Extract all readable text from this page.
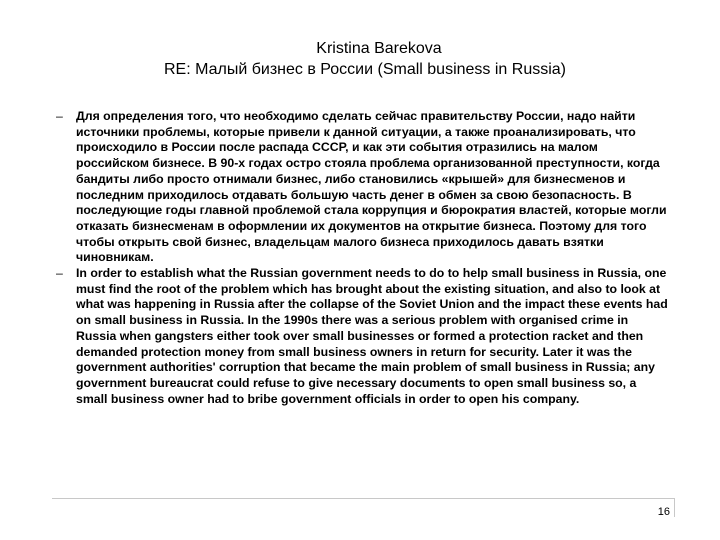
Kristina Barekova
RE: Малый бизнес в России (Small business in Russia)
– Для определения того, что необходимо сделать сейчас правительству России, надо найти источники проблемы, которые привели к данной ситуации, а также проанализировать, что происходило в России после распада СССР, и как эти события отразились на малом российском бизнесе. В 90-х годах остро стояла проблема организованной преступности, когда бандиты либо просто отнимали бизнес, либо становились «крышей» для бизнесменов и последним приходилось отдавать большую часть денег в обмен за свою безопасность. В последующие годы главной проблемой стала коррупция и бюрократия властей, которые могли отказать бизнесменам в оформлении их документов на открытие бизнеса. Поэтому для того чтобы открыть свой бизнес, владельцам малого бизнеса приходилось давать взятки чиновникам.
– In order to establish what the Russian government needs to do to help small business in Russia, one must find the root of the problem which has brought about the existing situation, and also to look at what was happening in Russia after the collapse of the Soviet Union and the impact these events had on small business in Russia. In the 1990s there was a serious problem with organised crime in Russia when gangsters either took over small businesses or formed a protection racket and then demanded protection money from small business owners in return for security. Later it was the government authorities' corruption that became the main problem of small business in Russia; any government bureaucrat could refuse to give necessary documents to open small business so, a small business owner had to bribe government officials in order to open his company.
16
